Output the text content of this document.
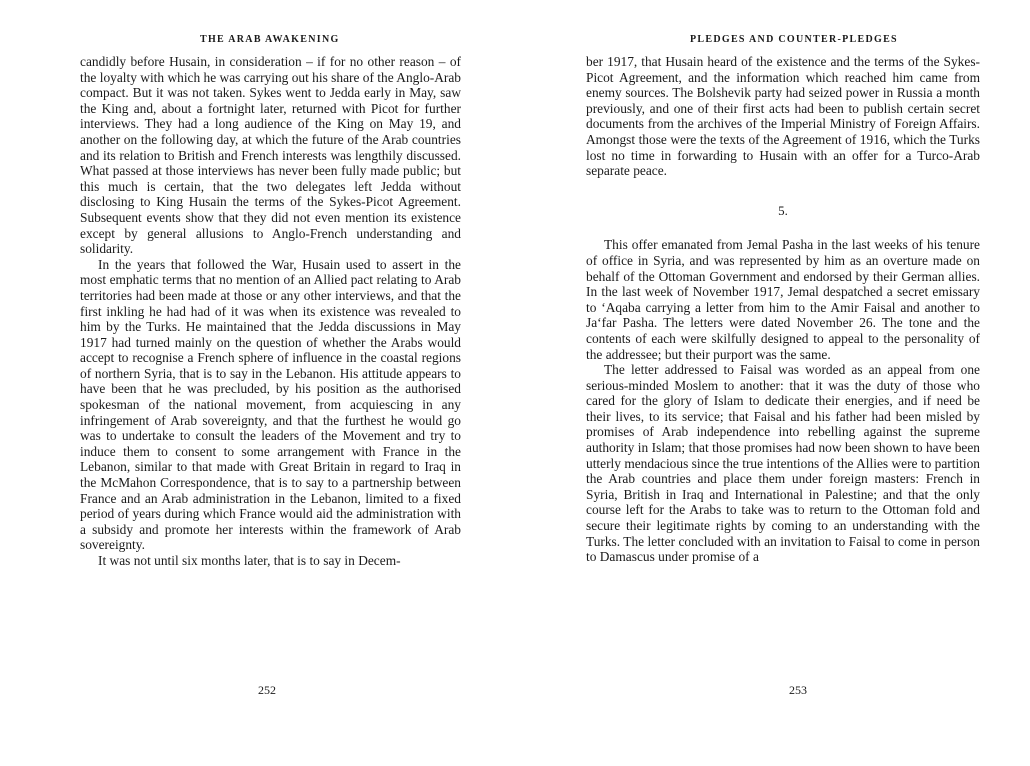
THE ARAB AWAKENING

candidly before Husain, in consideration – if for no other reason – of the loyalty with which he was carrying out his share of the Anglo-Arab compact. But it was not taken. Sykes went to Jedda early in May, saw the King and, about a fortnight later, returned with Picot for further interviews. They had a long audience of the King on May 19, and another on the following day, at which the future of the Arab countries and its relation to British and French interests was lengthily discussed. What passed at those interviews has never been fully made public; but this much is certain, that the two delegates left Jedda without disclosing to King Husain the terms of the Sykes-Picot Agreement. Subsequent events show that they did not even mention its existence except by general allusions to Anglo-French understanding and solidarity.

In the years that followed the War, Husain used to assert in the most emphatic terms that no mention of an Allied pact relating to Arab territories had been made at those or any other interviews, and that the first inkling he had had of it was when its existence was revealed to him by the Turks. He maintained that the Jedda discussions in May 1917 had turned mainly on the question of whether the Arabs would accept to recognise a French sphere of influence in the coastal regions of northern Syria, that is to say in the Lebanon. His attitude appears to have been that he was precluded, by his position as the authorised spokesman of the national movement, from acquiescing in any infringement of Arab sovereignty, and that the furthest he would go was to undertake to consult the leaders of the Movement and try to induce them to consent to some arrangement with France in the Lebanon, similar to that made with Great Britain in regard to Iraq in the McMahon Correspondence, that is to say to a partnership between France and an Arab administration in the Lebanon, limited to a fixed period of years during which France would aid the administration with a subsidy and promote her interests within the framework of Arab sovereignty.

It was not until six months later, that is to say in Decem-

252
PLEDGES AND COUNTER-PLEDGES

ber 1917, that Husain heard of the existence and the terms of the Sykes-Picot Agreement, and the information which reached him came from enemy sources. The Bolshevik party had seized power in Russia a month previously, and one of their first acts had been to publish certain secret documents from the archives of the Imperial Ministry of Foreign Affairs. Amongst those were the texts of the Agreement of 1916, which the Turks lost no time in forwarding to Husain with an offer for a Turco-Arab separate peace.

5.

This offer emanated from Jemal Pasha in the last weeks of his tenure of office in Syria, and was represented by him as an overture made on behalf of the Ottoman Government and endorsed by their German allies. In the last week of November 1917, Jemal despatched a secret emissary to ‘Aqaba carrying a letter from him to the Amir Faisal and another to Ja‘far Pasha. The letters were dated November 26. The tone and the contents of each were skilfully designed to appeal to the personality of the addressee; but their purport was the same.

The letter addressed to Faisal was worded as an appeal from one serious-minded Moslem to another: that it was the duty of those who cared for the glory of Islam to dedicate their energies, and if need be their lives, to its service; that Faisal and his father had been misled by promises of Arab independence into rebelling against the supreme authority in Islam; that those promises had now been shown to have been utterly mendacious since the true intentions of the Allies were to partition the Arab countries and place them under foreign masters: French in Syria, British in Iraq and International in Palestine; and that the only course left for the Arabs to take was to return to the Ottoman fold and secure their legitimate rights by coming to an understanding with the Turks. The letter concluded with an invitation to Faisal to come in person to Damascus under promise of a

253
